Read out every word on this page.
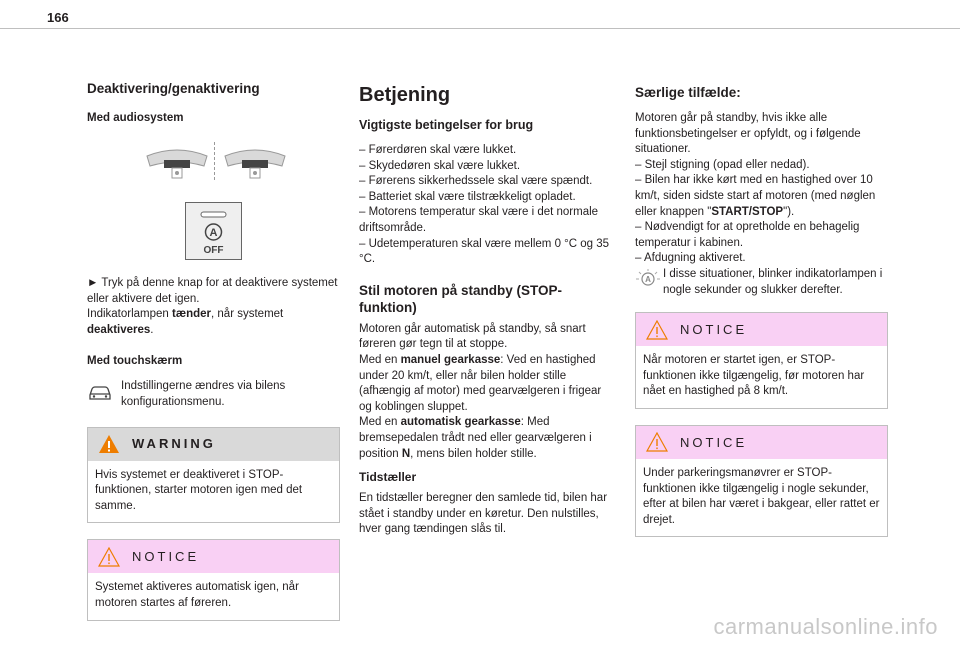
166
Deaktivering/genaktivering
Med audiosystem
A
OFF

► Tryk på denne knap for at deaktivere systemet eller aktivere det igen.
Indikatorlampen tænder, når systemet deaktiveres.

Med touchskærm

Indstillingerne ændres via bilens konfigurationsmenu.

WARNING
Hvis systemet er deaktiveret i STOP-funktionen, starter motoren igen med det samme.
NOTICE
Systemet aktiveres automatisk igen, når motoren startes af føreren.
Betjening
Vigtigste betingelser for brug

– Førerdøren skal være lukket.

– Skydedøren skal være lukket.

– Førerens sikkerhedssele skal være spændt.

– Batteriet skal være tilstrækkeligt opladet.

– Motorens temperatur skal være i det normale driftsområde.

– Udetemperaturen skal være mellem 0 °C og 35 °C.

Stil motoren på standby (STOP-funktion)

Motoren går automatisk på standby, så snart føreren gør tegn til at stoppe.

Med en manuel gearkasse: Ved en hastighed under 20 km/t, eller når bilen holder stille (afhængig af motor) med gearvælgeren i frigear og koblingen sluppet.

Med en automatisk gearkasse: Med bremsepedalen trådt ned eller gearvælgeren i position N, mens bilen holder stille.

Tidstæller

En tidstæller beregner den samlede tid, bilen har stået i standby under en køretur. Den nulstilles, hver gang tændingen slås til.

Særlige tilfælde:

Motoren går på standby, hvis ikke alle funktionsbetingelser er opfyldt, og i følgende situationer.

– Stejl stigning (opad eller nedad).

– Bilen har ikke kørt med en hastighed over 10 km/t, siden sidste start af motoren (med nøglen eller knappen "START/STOP").

– Nødvendigt for at opretholde en behagelig temperatur i kabinen.

– Afdugning aktiveret.

A I disse situationer, blinker indikatorlampen i nogle sekunder og slukker derefter.

NOTICE
Når motoren er startet igen, er STOP-funktionen ikke tilgængelig, før motoren har nået en hastighed på 8 km/t.
NOTICE
Under parkeringsmanøvrer er STOP-funktionen ikke tilgængelig i nogle sekunder, efter at bilen har været i bakgear, eller rattet er drejet.
carmanualsonline.info
